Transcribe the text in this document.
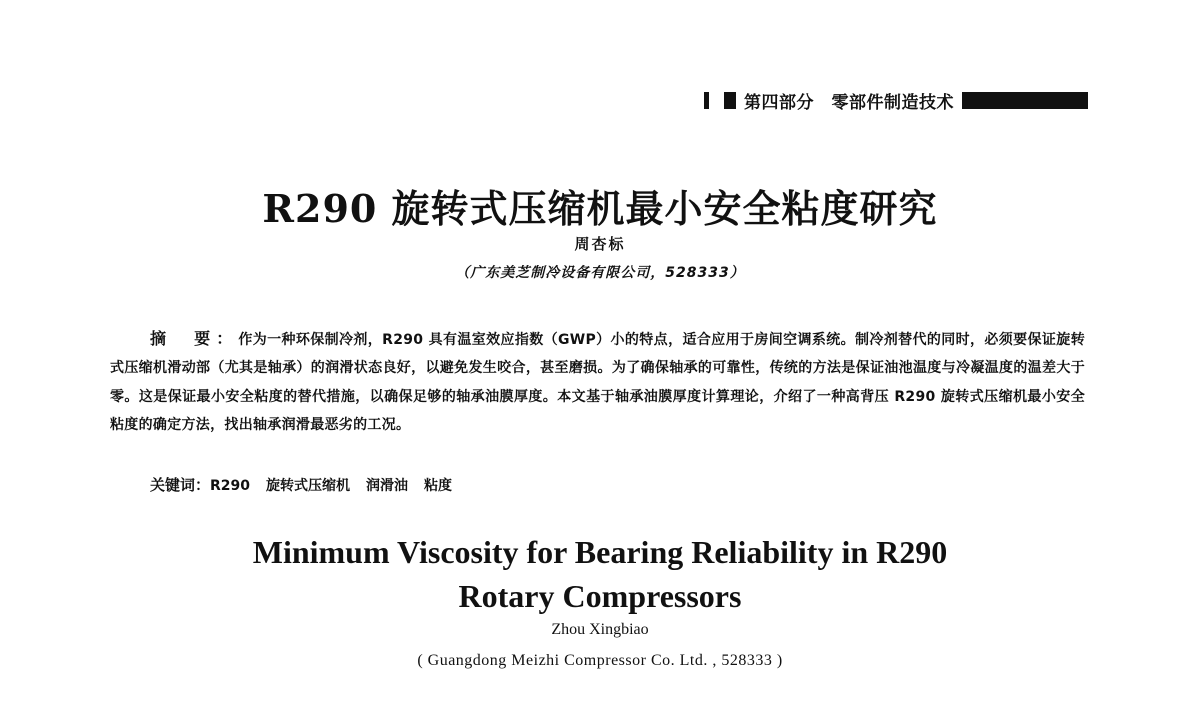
第四部分　零部件制造技术
R290 旋转式压缩机最小安全粘度研究
周杏标
（广东美芝制冷设备有限公司，528333）
摘　要：作为一种环保制冷剂，R290 具有温室效应指数（GWP）小的特点，适合应用于房间空调系统。制冷剂替代的同时，必须要保证旋转式压缩机滑动部（尤其是轴承）的润滑状态良好，以避免发生咬合，甚至磨损。为了确保轴承的可靠性，传统的方法是保证油池温度与冷凝温度的温差大于零。这是保证最小安全粘度的替代措施，以确保足够的轴承油膜厚度。本文基于轴承油膜厚度计算理论，介绍了一种高背压 R290 旋转式压缩机最小安全粘度的确定方法，找出轴承润滑最恶劣的工况。
关键词：R290 旋转式压缩机 润滑油 粘度
Minimum Viscosity for Bearing Reliability in R290
Rotary Compressors
Zhou Xingbiao
( Guangdong Meizhi Compressor Co. Ltd. , 528333 )
